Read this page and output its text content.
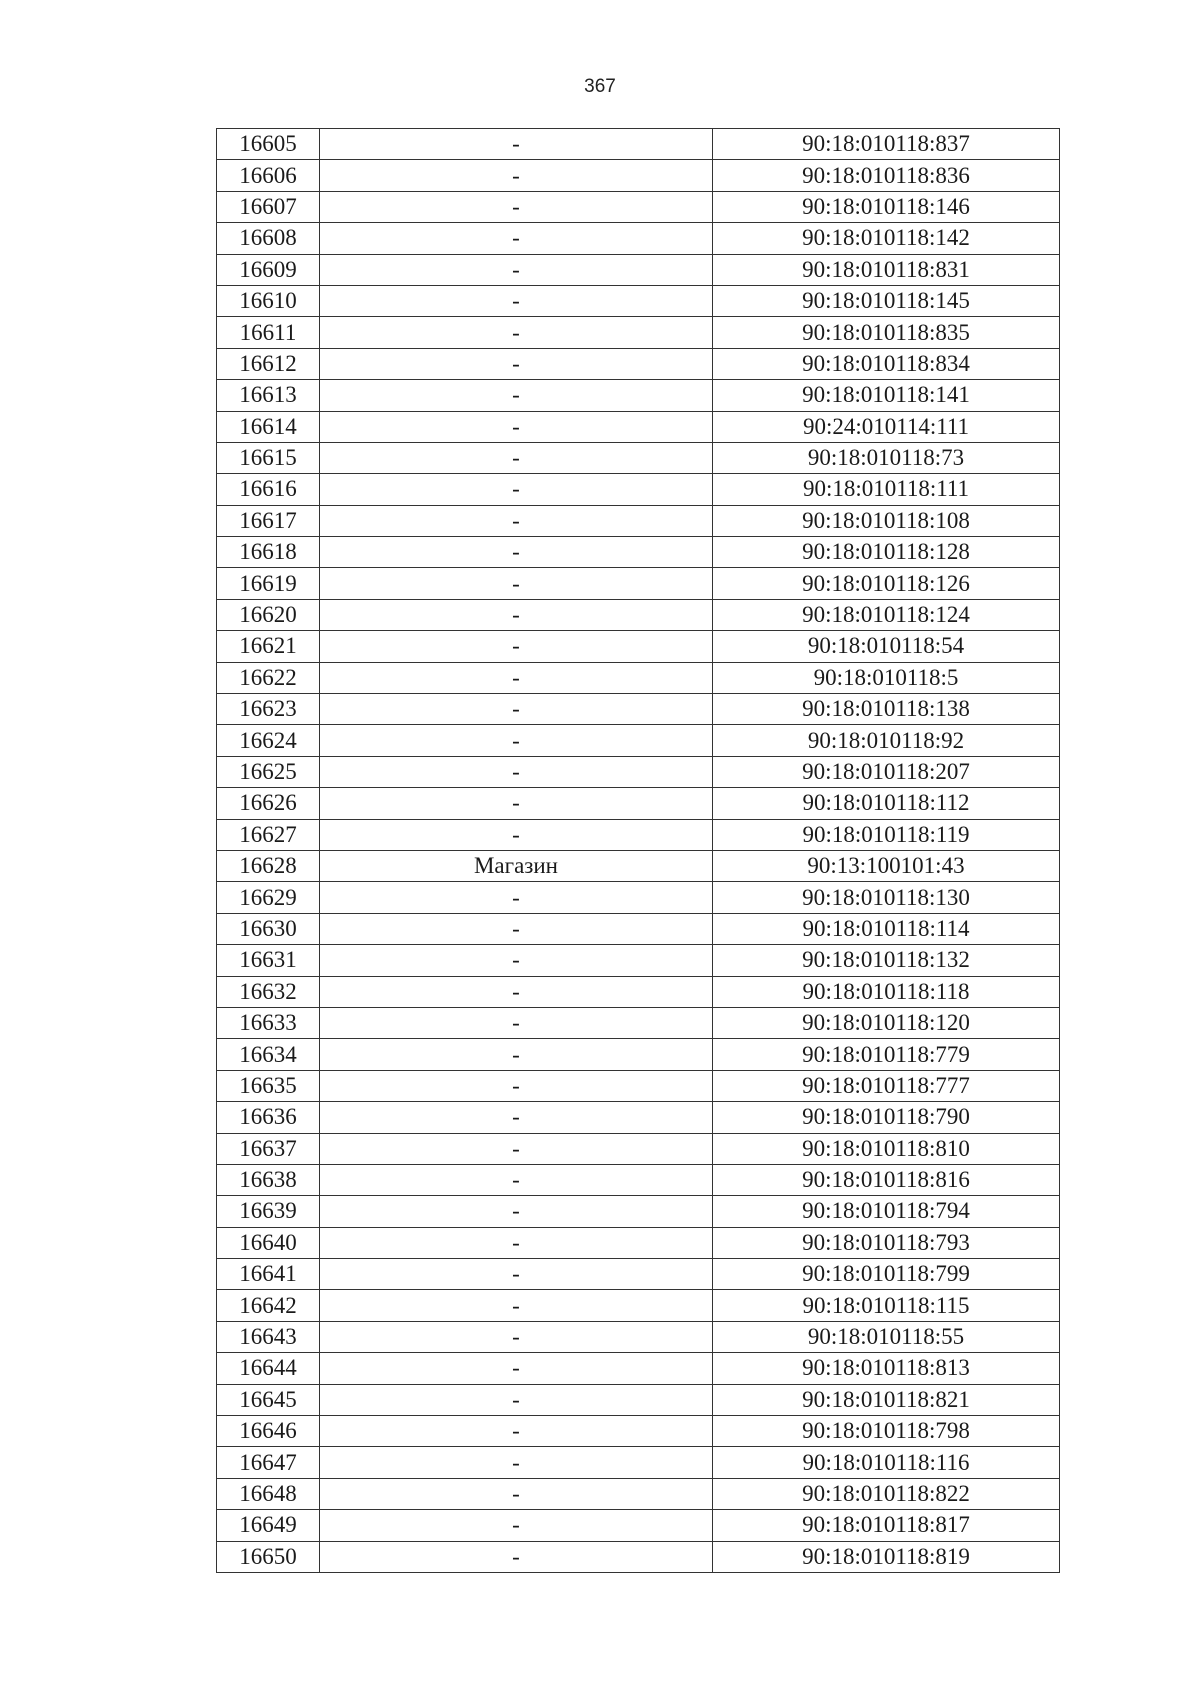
367
16605	-	90:18:010118:837
16606	-	90:18:010118:836
16607	-	90:18:010118:146
16608	-	90:18:010118:142
16609	-	90:18:010118:831
16610	-	90:18:010118:145
16611	-	90:18:010118:835
16612	-	90:18:010118:834
16613	-	90:18:010118:141
16614	-	90:24:010114:111
16615	-	90:18:010118:73
16616	-	90:18:010118:111
16617	-	90:18:010118:108
16618	-	90:18:010118:128
16619	-	90:18:010118:126
16620	-	90:18:010118:124
16621	-	90:18:010118:54
16622	-	90:18:010118:5
16623	-	90:18:010118:138
16624	-	90:18:010118:92
16625	-	90:18:010118:207
16626	-	90:18:010118:112
16627	-	90:18:010118:119
16628	Магазин	90:13:100101:43
16629	-	90:18:010118:130
16630	-	90:18:010118:114
16631	-	90:18:010118:132
16632	-	90:18:010118:118
16633	-	90:18:010118:120
16634	-	90:18:010118:779
16635	-	90:18:010118:777
16636	-	90:18:010118:790
16637	-	90:18:010118:810
16638	-	90:18:010118:816
16639	-	90:18:010118:794
16640	-	90:18:010118:793
16641	-	90:18:010118:799
16642	-	90:18:010118:115
16643	-	90:18:010118:55
16644	-	90:18:010118:813
16645	-	90:18:010118:821
16646	-	90:18:010118:798
16647	-	90:18:010118:116
16648	-	90:18:010118:822
16649	-	90:18:010118:817
16650	-	90:18:010118:819
